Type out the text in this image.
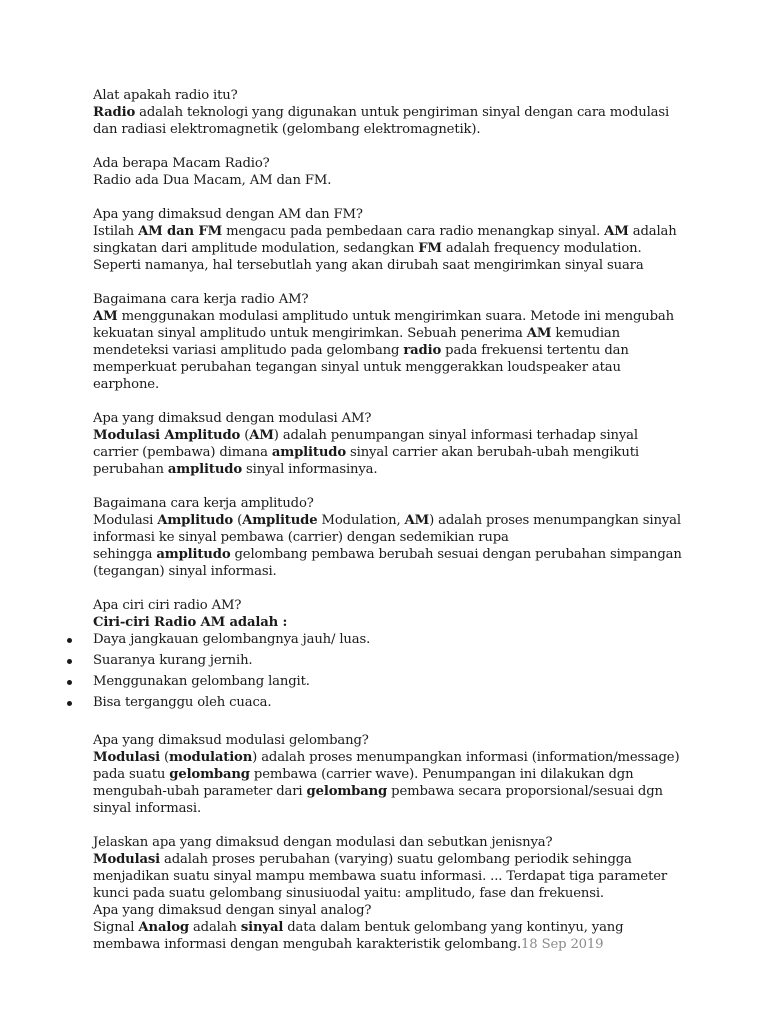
Alat apakah radio itu?
Radio adalah teknologi yang digunakan untuk pengiriman sinyal dengan cara modulasi dan radiasi elektromagnetik (gelombang elektromagnetik).
Ada berapa Macam Radio?
Radio ada Dua Macam, AM dan FM.
Apa yang dimaksud dengan AM dan FM?
Istilah AM dan FM mengacu pada pembedaan cara radio menangkap sinyal. AM adalah singkatan dari amplitude modulation, sedangkan FM adalah frequency modulation. Seperti namanya, hal tersebutlah yang akan dirubah saat mengirimkan sinyal suara
Bagaimana cara kerja radio AM?
AM menggunakan modulasi amplitudo untuk mengirimkan suara. Metode ini mengubah kekuatan sinyal amplitudo untuk mengirimkan. Sebuah penerima AM kemudian mendeteksi variasi amplitudo pada gelombang radio pada frekuensi tertentu dan memperkuat perubahan tegangan sinyal untuk menggerakkan loudspeaker atau earphone.
Apa yang dimaksud dengan modulasi AM?
Modulasi Amplitudo (AM) adalah penumpangan sinyal informasi terhadap sinyal carrier (pembawa) dimana amplitudo sinyal carrier akan berubah-ubah mengikuti
perubahan amplitudo sinyal informasinya.
Bagaimana cara kerja amplitudo?
Modulasi Amplitudo (Amplitude Modulation, AM) adalah proses menumpangkan sinyal informasi ke sinyal pembawa (carrier) dengan sedemikian rupa
sehingga amplitudo gelombang pembawa berubah sesuai dengan perubahan simpangan (tegangan) sinyal informasi.
Apa ciri ciri radio AM?
Ciri-ciri Radio AM adalah :
Daya jangkauan gelombangnya jauh/ luas.
Suaranya kurang jernih.
Menggunakan gelombang langit.
Bisa terganggu oleh cuaca.
Apa yang dimaksud modulasi gelombang?
Modulasi (modulation) adalah proses menumpangkan informasi (information/message) pada suatu gelombang pembawa (carrier wave). Penumpangan ini dilakukan dgn mengubah-ubah parameter dari gelombang pembawa secara proporsional/sesuai dgn sinyal informasi.
Jelaskan apa yang dimaksud dengan modulasi dan sebutkan jenisnya?
Modulasi adalah proses perubahan (varying) suatu gelombang periodik sehingga menjadikan suatu sinyal mampu membawa suatu informasi. ... Terdapat tiga parameter kunci pada suatu gelombang sinusiuodal yaitu: amplitudo, fase dan frekuensi.
Apa yang dimaksud dengan sinyal analog?
Signal Analog adalah sinyal data dalam bentuk gelombang yang kontinyu, yang membawa informasi dengan mengubah karakteristik gelombang.18 Sep 2019
